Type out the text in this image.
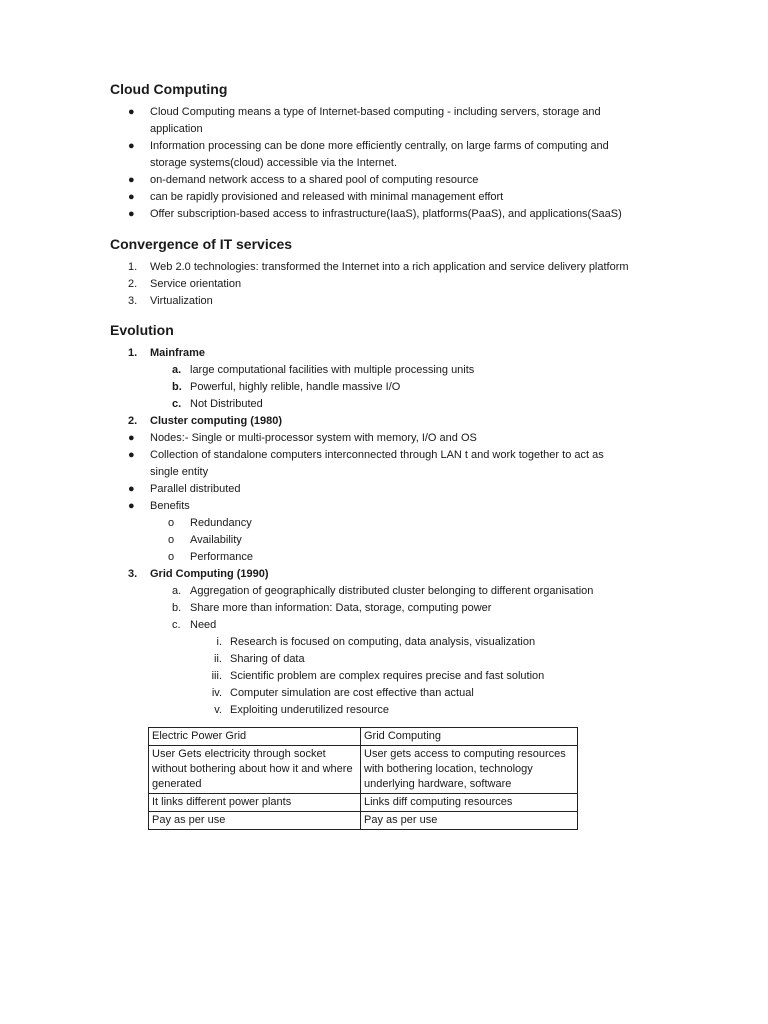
Cloud Computing
● Cloud Computing means a type of Internet-based computing - including servers, storage and application
● Information processing can be done more efficiently centrally, on large farms of computing and storage systems(cloud) accessible via the Internet.
● on-demand network access to a shared pool of computing resource
● can be rapidly provisioned and released with minimal management effort
● Offer subscription-based access to infrastructure(IaaS), platforms(PaaS), and applications(SaaS)
Convergence of IT services
1. Web 2.0 technologies: transformed the Internet into a rich application and service delivery platform
2. Service orientation
3. Virtualization
Evolution
1. Mainframe
a. large computational facilities with multiple processing units
b. Powerful, highly relible, handle massive I/O
c. Not Distributed
2. Cluster computing (1980)
● Nodes:- Single or multi-processor system with memory, I/O and OS
● Collection of standalone computers interconnected through LAN t and work together to act as single entity
● Parallel distributed
● Benefits
o Redundancy
o Availability
o Performance
3. Grid Computing (1990)
a. Aggregation of geographically distributed cluster belonging to different organisation
b. Share more than information: Data, storage, computing power
c. Need
i. Research is focused on computing, data analysis, visualization
ii. Sharing of data
iii. Scientific problem are complex requires precise and fast solution
iv. Computer simulation are cost effective than actual
v. Exploiting underutilized resource
Electric Power Grid	Grid Computing
User Gets electricity through socket without bothering about how it and where generated	User gets access to computing resources with bothering location, technology underlying hardware, software
It links different power plants	Links diff computing resources
Pay as per use	Pay as per use
